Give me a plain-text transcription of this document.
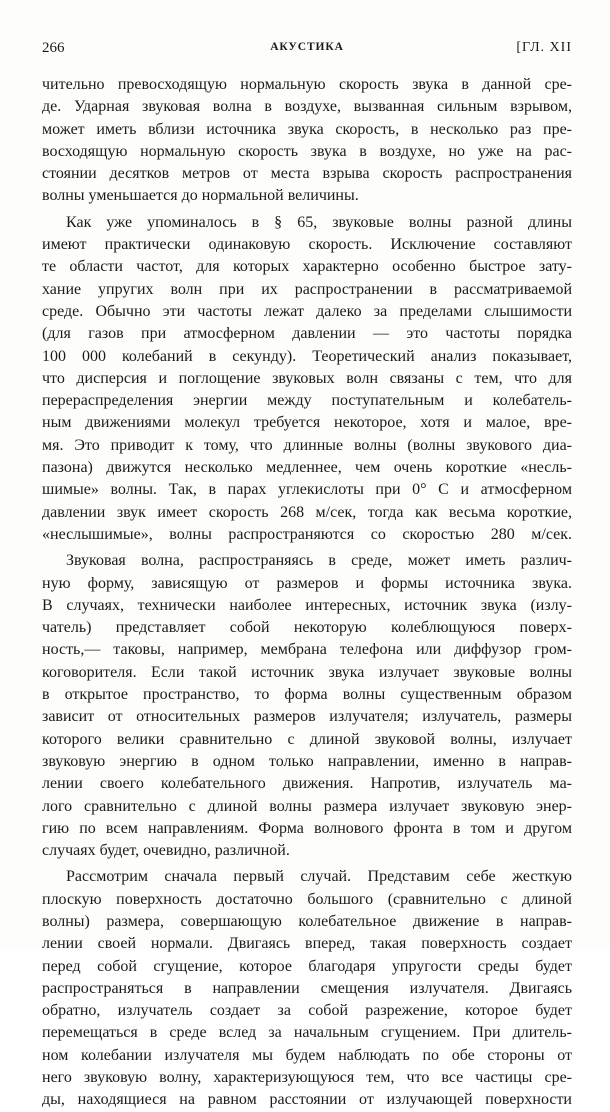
266	АКУСТИКА	[ГЛ. XII
чительно превосходящую нормальную скорость звука в данной сре-
де. Ударная звуковая волна в воздухе, вызванная сильным взрывом,
может иметь вблизи источника звука скорость, в несколько раз пре-
восходящую нормальную скорость звука в воздухе, но уже на рас-
стоянии десятков метров от места взрыва скорость распространения
волны уменьшается до нормальной величины.
Как уже упоминалось в § 65, звуковые волны разной длины
имеют практически одинаковую скорость. Исключение составляют
те области частот, для которых характерно особенно быстрое зату-
хание упругих волн при их распространении в рассматриваемой
среде. Обычно эти частоты лежат далеко за пределами слышимости
(для газов при атмосферном давлении — это частоты порядка
100 000 колебаний в секунду). Теоретический анализ показывает,
что дисперсия и поглощение звуковых волн связаны с тем, что для
перераспределения энергии между поступательным и колебатель-
ным движениями молекул требуется некоторое, хотя и малое, вре-
мя. Это приводит к тому, что длинные волны (волны звукового диа-
пазона) движутся несколько медленнее, чем очень короткие «несль-
шимые» волны. Так, в парах углекислоты при 0° C и атмосферном
давлении звук имеет скорость 268 м/сек, тогда как весьма короткие,
«неслышимые», волны распространяются со скоростью 280 м/сек.
Звуковая волна, распространяясь в среде, может иметь различ-
ную форму, зависящую от размеров и формы источника звука.
В случаях, технически наиболее интересных, источник звука (излу-
чатель) представляет собой некоторую колеблющуюся поверх-
ность,— таковы, например, мембрана телефона или диффузор гром-
коговорителя. Если такой источник звука излучает звуковые волны
в открытое пространство, то форма волны существенным образом
зависит от относительных размеров излучателя; излучатель, размеры
которого велики сравнительно с длиной звуковой волны, излучает
звуковую энергию в одном только направлении, именно в направ-
лении своего колебательного движения. Напротив, излучатель ма-
лого сравнительно с длиной волны размера излучает звуковую энер-
гию по всем направлениям. Форма волнового фронта в том и другом
случаях будет, очевидно, различной.
Рассмотрим сначала первый случай. Представим себе жесткую
плоскую поверхность достаточно большого (сравнительно с длиной
волны) размера, совершающую колебательное движение в направ-
лении своей нормали. Двигаясь вперед, такая поверхность создает
перед собой сгущение, которое благодаря упругости среды будет
распространяться в направлении смещения излучателя. Двигаясь
обратно, излучатель создает за собой разрежение, которое будет
перемещаться в среде вслед за начальным сгущением. При длитель-
ном колебании излучателя мы будем наблюдать по обе стороны от
него звуковую волну, характеризующуюся тем, что все частицы сре-
ды, находящиеся на равном расстоянии от излучающей поверхности
